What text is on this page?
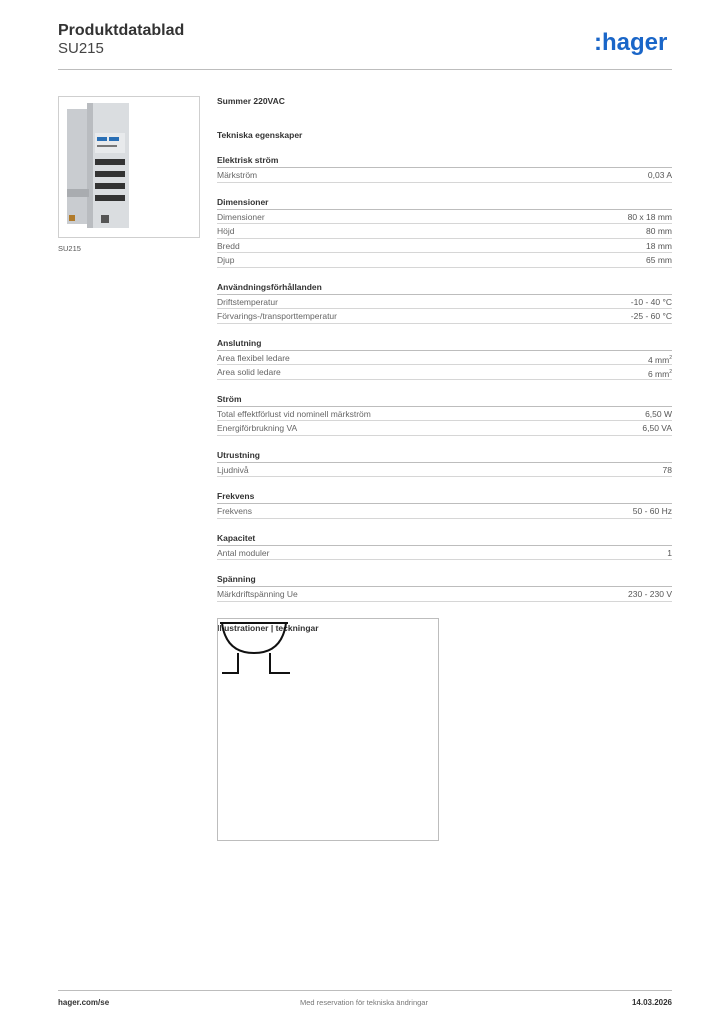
Produktdatablad
SU215	:hager
SU215
Summer 220VAC
Tekniska egenskaper
Elektrisk ström
Märkström	0,03 A
Dimensioner
Dimensioner	80 x 18 mm
Höjd	80 mm
Bredd	18 mm
Djup	65 mm
Användningsförhållanden
Driftstemperatur	-10 - 40 °C
Förvarings-/transporttemperatur	-25 - 60 °C
Anslutning
Area flexibel ledare	4 $mm^2$
Area solid ledare	6 $mm^2$
Ström
Total effektförlust vid nominell märkström	6,50 W
Energiförbrukning VA	6,50 VA
Utrustning
Ljudnivå	78
Frekvens
Frekvens	50 - 60 Hz
Kapacitet
Antal moduler	1
Spänning
Märkdriftspänning Ue	230 - 230 V
Illustrationer | teckningar
hager.com/se	Med reservation för tekniska ändringar	14.03.2026
